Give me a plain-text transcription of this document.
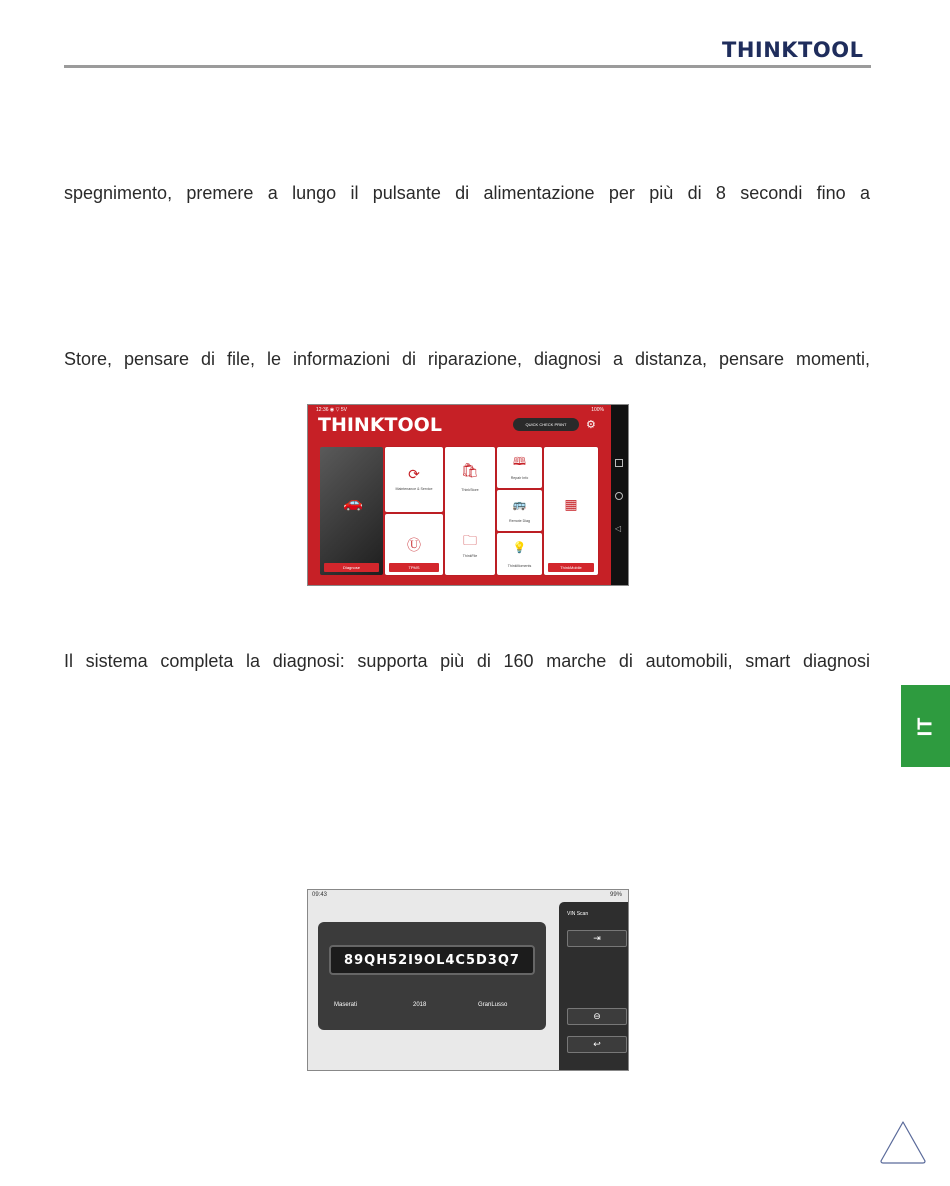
THINKTOOL
spegnimento, premere a lungo il pulsante di alimentazione per più di 8 secondi fino a
Store, pensare di file, le informazioni di riparazione, diagnosi a distanza, pensare momenti,
Il sistema completa la diagnosi: supporta più di 160 marche di automobili, smart diagnosi
IT
12:36 ◉ ▽ 5V	100%
THINKTOOL	QUICK CHECK PRINT	⚙
🚗
Diagnose
⟳
Maintenance & Service
Ⓤ
TPMS
🛍
ThinkStore
🗀
ThinkFile
🕮
Repair Info
🚌
Remote Diag
💡
ThinkMoments
▦
ThinkMobile
◁
09:43	99%
89QH52I9OL4C5D3Q7
Maserati	2018	GranLusso
VIN Scan
⇥
⊖
↩
